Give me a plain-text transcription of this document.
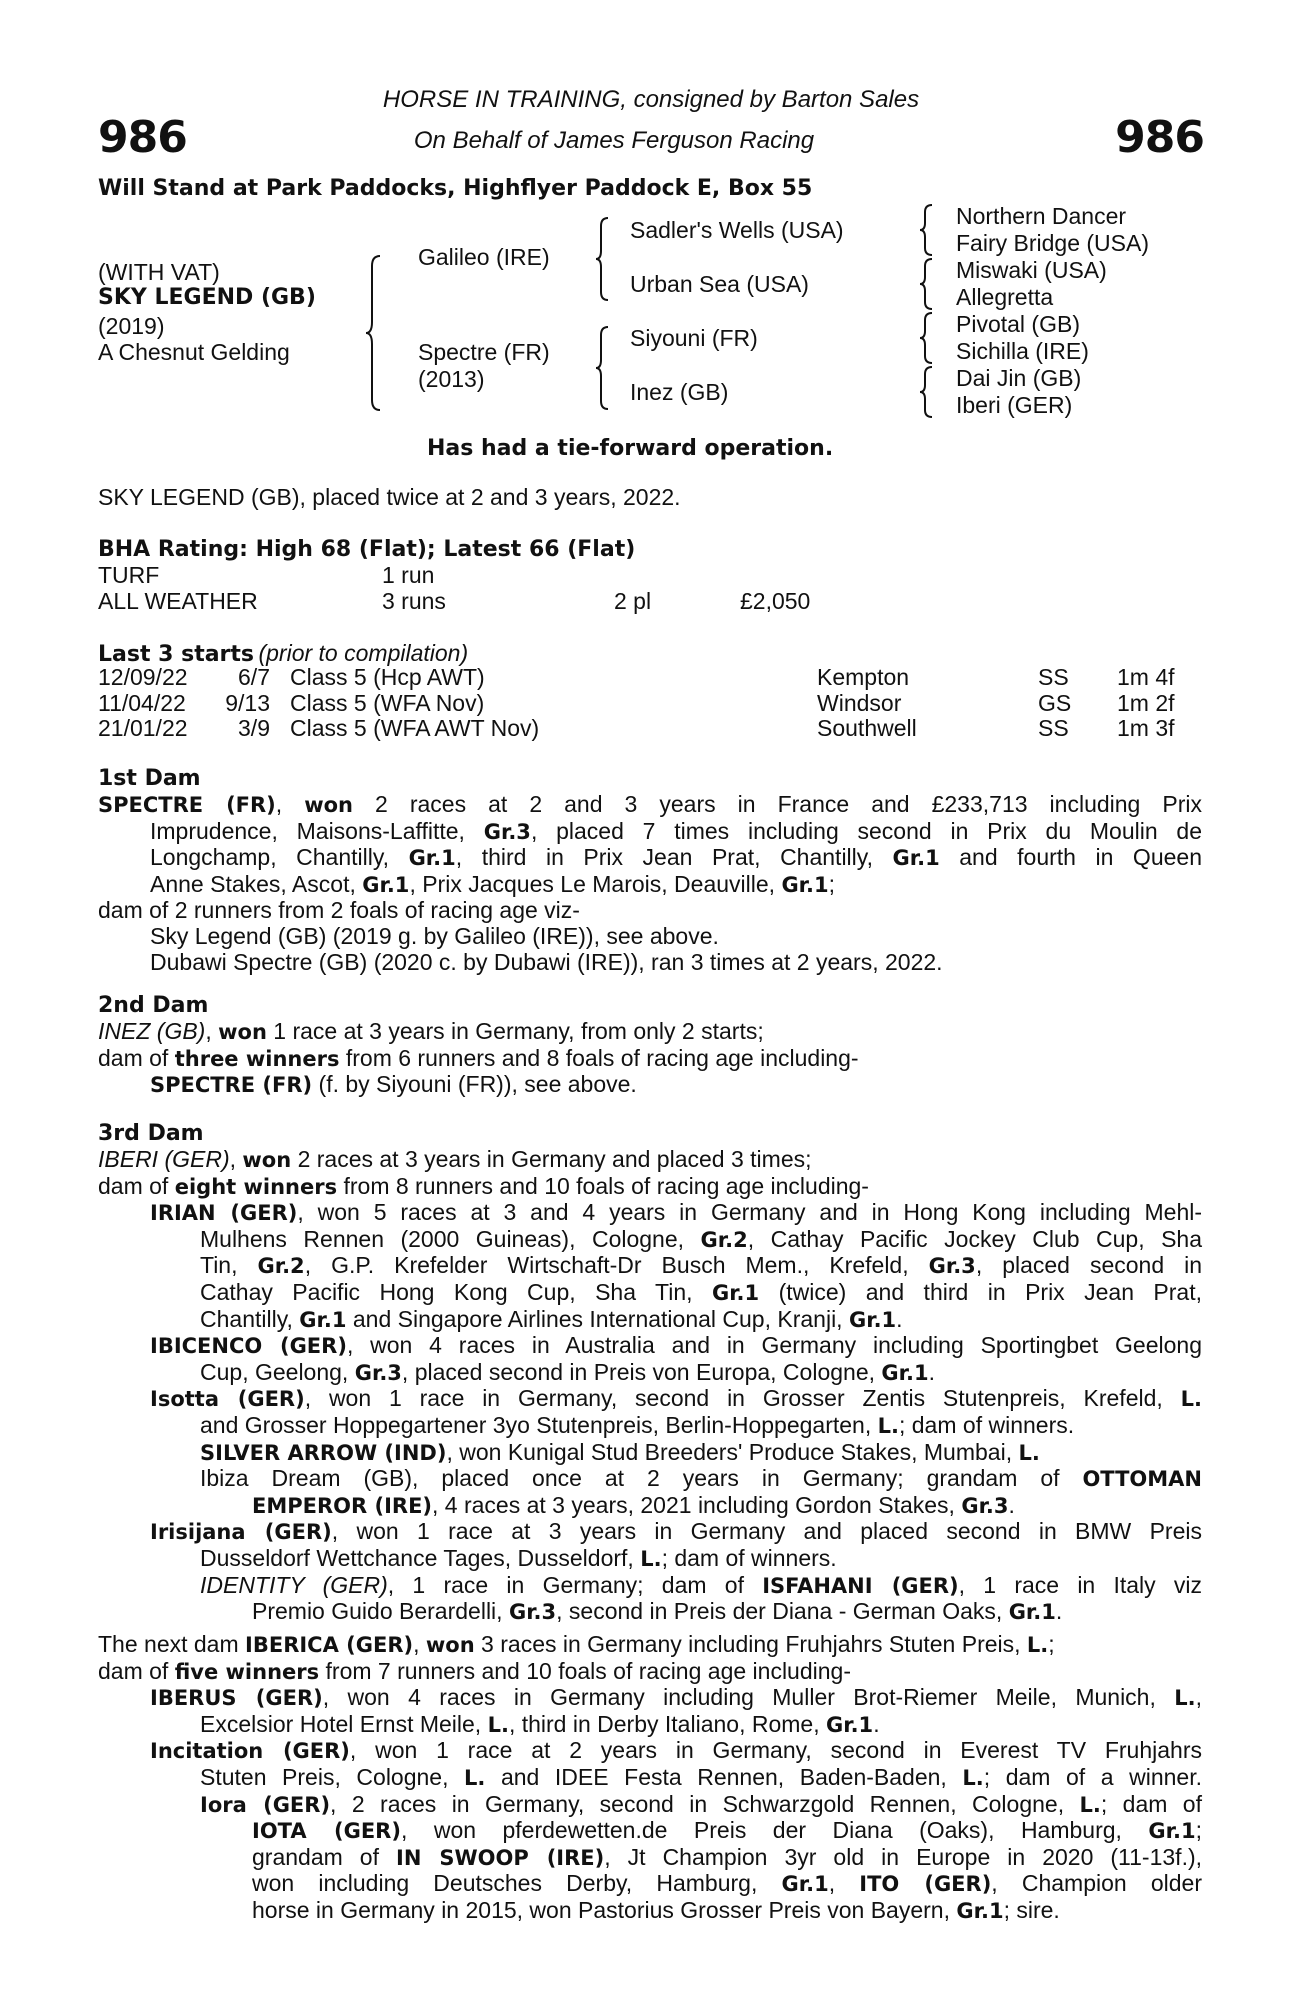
986	986
HORSE IN TRAINING, consigned by Barton Sales
On Behalf of James Ferguson Racing
Will Stand at Park Paddocks, Highflyer Paddock E, Box 55
(WITH VAT)
SKY LEGEND (GB)
(2019)
A Chesnut Gelding
Galileo (IRE)
Spectre (FR)
(2013)
Sadler's Wells (USA)
Urban Sea (USA)
Siyouni (FR)
Inez (GB)
Northern Dancer
Fairy Bridge (USA)
Miswaki (USA)
Allegretta
Pivotal (GB)
Sichilla (IRE)
Dai Jin (GB)
Iberi (GER)
Has had a tie-forward operation.
SKY LEGEND (GB), placed twice at 2 and 3 years, 2022.
BHA Rating: High 68 (Flat); Latest 66 (Flat)
TURF	1 run
ALL WEATHER	3 runs	2 pl	£2,050
Last 3 starts (prior to compilation)
12/09/22 6/7 Class 5 (Hcp AWT)	Kempton	SS 1m 4f
11/04/22 9/13 Class 5 (WFA Nov)	Windsor	GS 1m 2f
21/01/22 3/9 Class 5 (WFA AWT Nov)	Southwell	SS 1m 3f
1st Dam
SPECTRE (FR), won 2 races at 2 and 3 years in France and £233,713 including Prix
Imprudence, Maisons-Laffitte, Gr.3, placed 7 times including second in Prix du Moulin de
Longchamp, Chantilly, Gr.1, third in Prix Jean Prat, Chantilly, Gr.1 and fourth in Queen
Anne Stakes, Ascot, Gr.1, Prix Jacques Le Marois, Deauville, Gr.1;
dam of 2 runners from 2 foals of racing age viz-
Sky Legend (GB) (2019 g. by Galileo (IRE)), see above.
Dubawi Spectre (GB) (2020 c. by Dubawi (IRE)), ran 3 times at 2 years, 2022.
2nd Dam
INEZ (GB), won 1 race at 3 years in Germany, from only 2 starts;
dam of three winners from 6 runners and 8 foals of racing age including-
SPECTRE (FR) (f. by Siyouni (FR)), see above.
3rd Dam
IBERI (GER), won 2 races at 3 years in Germany and placed 3 times;
dam of eight winners from 8 runners and 10 foals of racing age including-
IRIAN (GER), won 5 races at 3 and 4 years in Germany and in Hong Kong including Mehl-
Mulhens Rennen (2000 Guineas), Cologne, Gr.2, Cathay Pacific Jockey Club Cup, Sha
Tin, Gr.2, G.P. Krefelder Wirtschaft-Dr Busch Mem., Krefeld, Gr.3, placed second in
Cathay Pacific Hong Kong Cup, Sha Tin, Gr.1 (twice) and third in Prix Jean Prat,
Chantilly, Gr.1 and Singapore Airlines International Cup, Kranji, Gr.1.
IBICENCO (GER), won 4 races in Australia and in Germany including Sportingbet Geelong
Cup, Geelong, Gr.3, placed second in Preis von Europa, Cologne, Gr.1.
Isotta (GER), won 1 race in Germany, second in Grosser Zentis Stutenpreis, Krefeld, L.
and Grosser Hoppegartener 3yo Stutenpreis, Berlin-Hoppegarten, L.; dam of winners.
SILVER ARROW (IND), won Kunigal Stud Breeders' Produce Stakes, Mumbai, L.
Ibiza Dream (GB), placed once at 2 years in Germany; grandam of OTTOMAN
EMPEROR (IRE), 4 races at 3 years, 2021 including Gordon Stakes, Gr.3.
Irisijana (GER), won 1 race at 3 years in Germany and placed second in BMW Preis
Dusseldorf Wettchance Tages, Dusseldorf, L.; dam of winners.
IDENTITY (GER), 1 race in Germany; dam of ISFAHANI (GER), 1 race in Italy viz
Premio Guido Berardelli, Gr.3, second in Preis der Diana - German Oaks, Gr.1.
The next dam IBERICA (GER), won 3 races in Germany including Fruhjahrs Stuten Preis, L.;
dam of five winners from 7 runners and 10 foals of racing age including-
IBERUS (GER), won 4 races in Germany including Muller Brot-Riemer Meile, Munich, L.,
Excelsior Hotel Ernst Meile, L., third in Derby Italiano, Rome, Gr.1.
Incitation (GER), won 1 race at 2 years in Germany, second in Everest TV Fruhjahrs
Stuten Preis, Cologne, L. and IDEE Festa Rennen, Baden-Baden, L.; dam of a winner.
Iora (GER), 2 races in Germany, second in Schwarzgold Rennen, Cologne, L.; dam of
IOTA (GER), won pferdewetten.de Preis der Diana (Oaks), Hamburg, Gr.1;
grandam of IN SWOOP (IRE), Jt Champion 3yr old in Europe in 2020 (11-13f.),
won including Deutsches Derby, Hamburg, Gr.1, ITO (GER), Champion older
horse in Germany in 2015, won Pastorius Grosser Preis von Bayern, Gr.1; sire.
